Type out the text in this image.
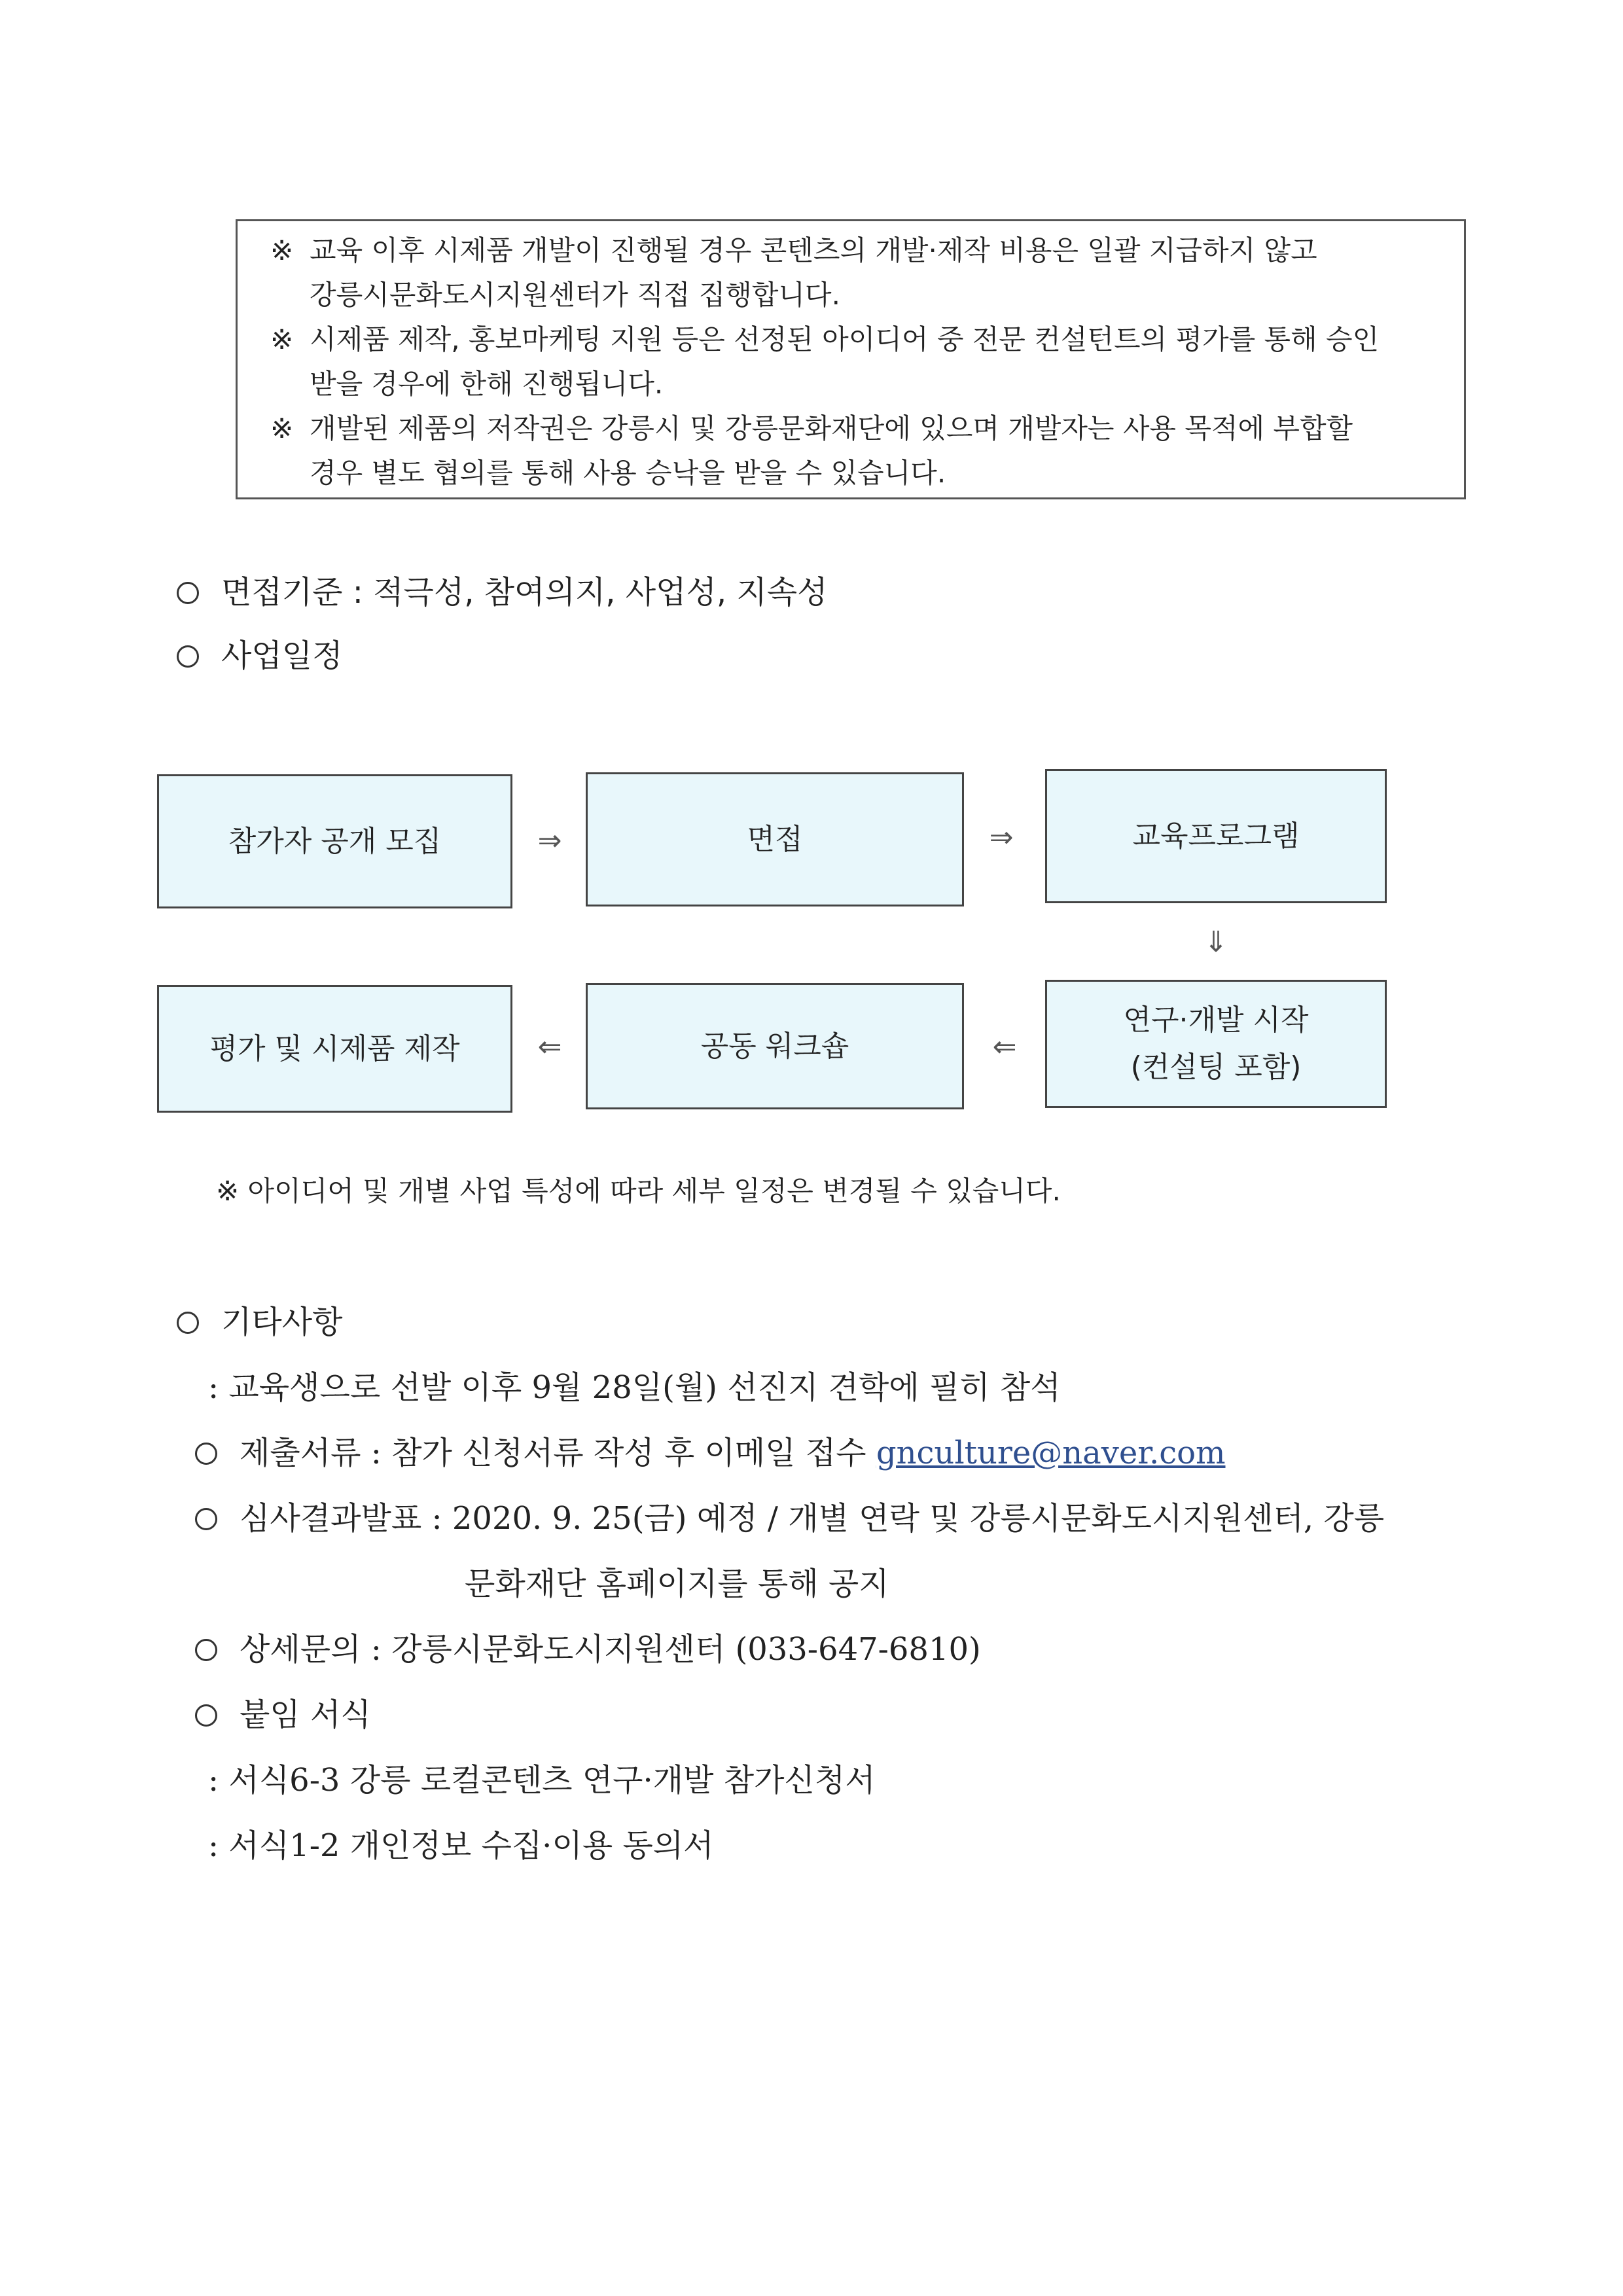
※ 교육 이후 시제품 개발이 진행될 경우 콘텐츠의 개발·제작 비용은 일괄 지급하지 않고
강릉시문화도시지원센터가 직접 집행합니다.
※ 시제품 제작, 홍보마케팅 지원 등은 선정된 아이디어 중 전문 컨설턴트의 평가를 통해 승인
받을 경우에 한해 진행됩니다.
※ 개발된 제품의 저작권은 강릉시 및 강릉문화재단에 있으며 개발자는 사용 목적에 부합할
경우 별도 협의를 통해 사용 승낙을 받을 수 있습니다.
면접기준 : 적극성, 참여의지, 사업성, 지속성
사업일정
참가자 공개 모집	⇒	면접	⇒	교육프로그램
⇓
연구·개발 시작
(컨설팅 포함)
⇐
공동 워크숍
⇐
평가 및 시제품 제작
※ 아이디어 및 개별 사업 특성에 따라 세부 일정은 변경될 수 있습니다.
기타사항
: 교육생으로 선발 이후 9월 28일(월) 선진지 견학에 필히 참석
제출서류 : 참가 신청서류 작성 후 이메일 접수 gnculture@naver.com
심사결과발표 : 2020. 9. 25(금) 예정 / 개별 연락 및 강릉시문화도시지원센터, 강릉
문화재단 홈페이지를 통해 공지
상세문의 : 강릉시문화도시지원센터 (033-647-6810)
붙임 서식
: 서식6-3 강릉 로컬콘텐츠 연구·개발 참가신청서
: 서식1-2 개인정보 수집·이용 동의서
